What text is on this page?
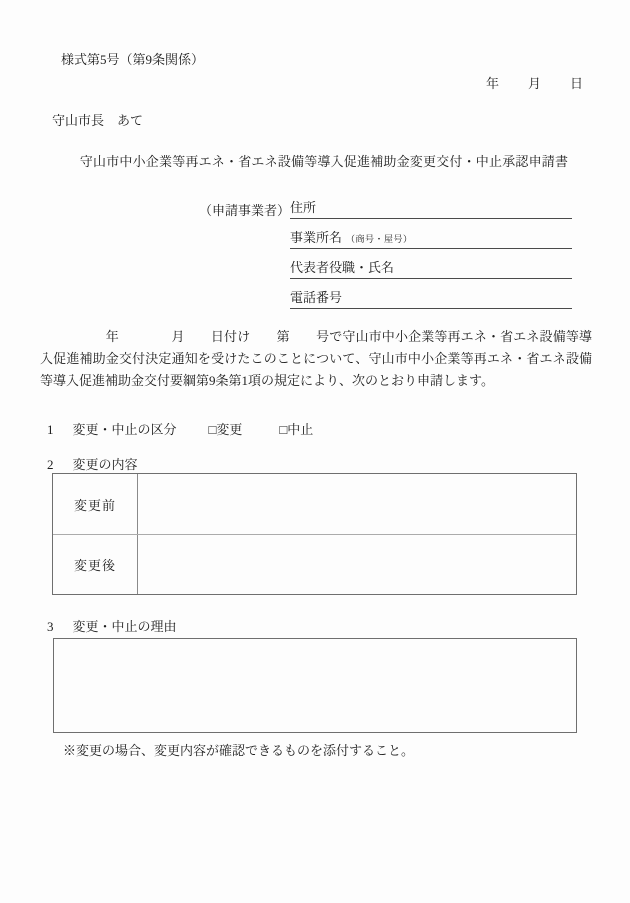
様式第5号（第9条関係）
年　　月　　日
守山市長　あて
守山市中小企業等再エネ・省エネ設備等導入促進補助金変更交付・中止承認申請書
（申請事業者） 住所
事業所名 （商号・屋号）
代表者役職・氏名
電話番号

　　　　　年　　　　月　　日付け　　第　　号で守山市中小企業等再エネ・省エネ設備等導入促進補助金交付決定通知を受けたこのことについて、守山市中小企業等再エネ・省エネ設備等導入促進補助金交付要綱第9条第1項の規定により、次のとおり申請します。

1 変更・中止の区分 □変更	□中止
2 変更の内容
変更前
変更後
3 変更・中止の理由
※変更の場合、変更内容が確認できるものを添付すること。
